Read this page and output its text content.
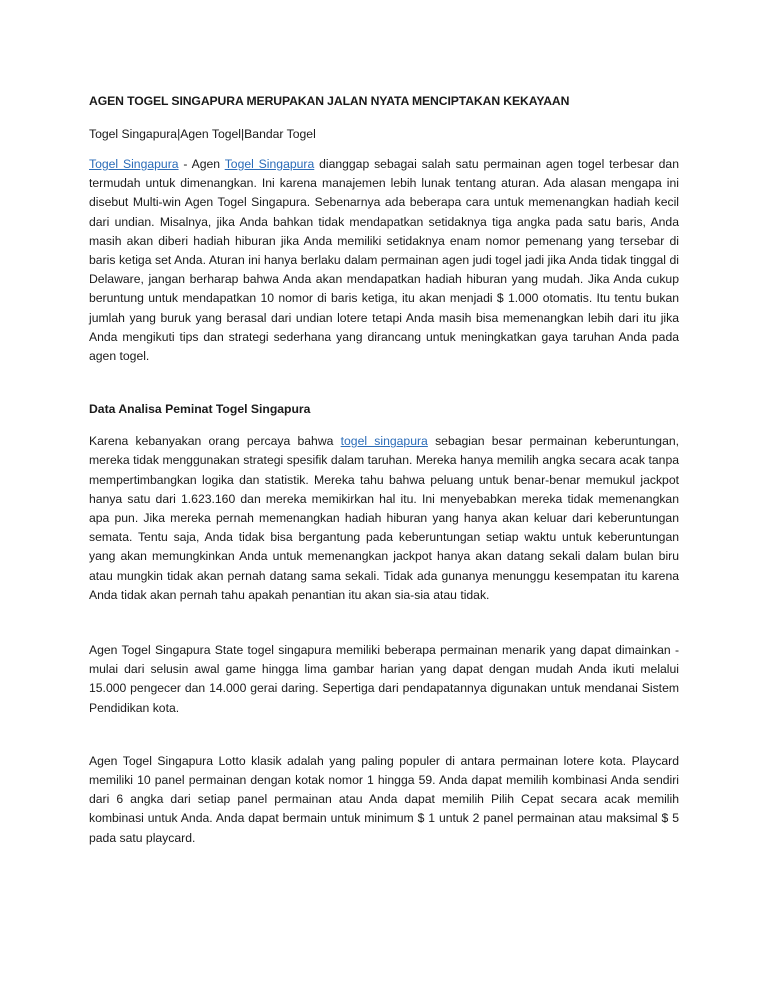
AGEN TOGEL SINGAPURA MERUPAKAN JALAN NYATA MENCIPTAKAN KEKAYAAN

Togel Singapura|Agen Togel|Bandar Togel

Togel Singapura - Agen Togel Singapura dianggap sebagai salah satu permainan agen togel terbesar dan termudah untuk dimenangkan. Ini karena manajemen lebih lunak tentang aturan. Ada alasan mengapa ini disebut Multi-win Agen Togel Singapura. Sebenarnya ada beberapa cara untuk memenangkan hadiah kecil dari undian. Misalnya, jika Anda bahkan tidak mendapatkan setidaknya tiga angka pada satu baris, Anda masih akan diberi hadiah hiburan jika Anda memiliki setidaknya enam nomor pemenang yang tersebar di baris ketiga set Anda. Aturan ini hanya berlaku dalam permainan agen judi togel jadi jika Anda tidak tinggal di Delaware, jangan berharap bahwa Anda akan mendapatkan hadiah hiburan yang mudah. Jika Anda cukup beruntung untuk mendapatkan 10 nomor di baris ketiga, itu akan menjadi $ 1.000 otomatis. Itu tentu bukan jumlah yang buruk yang berasal dari undian lotere tetapi Anda masih bisa memenangkan lebih dari itu jika Anda mengikuti tips dan strategi sederhana yang dirancang untuk meningkatkan gaya taruhan Anda pada agen togel.

Data Analisa Peminat Togel Singapura

Karena kebanyakan orang percaya bahwa togel singapura sebagian besar permainan keberuntungan, mereka tidak menggunakan strategi spesifik dalam taruhan. Mereka hanya memilih angka secara acak tanpa mempertimbangkan logika dan statistik. Mereka tahu bahwa peluang untuk benar-benar memukul jackpot hanya satu dari 1.623.160 dan mereka memikirkan hal itu. Ini menyebabkan mereka tidak memenangkan apa pun. Jika mereka pernah memenangkan hadiah hiburan yang hanya akan keluar dari keberuntungan semata. Tentu saja, Anda tidak bisa bergantung pada keberuntungan setiap waktu untuk keberuntungan yang akan memungkinkan Anda untuk memenangkan jackpot hanya akan datang sekali dalam bulan biru atau mungkin tidak akan pernah datang sama sekali. Tidak ada gunanya menunggu kesempatan itu karena Anda tidak akan pernah tahu apakah penantian itu akan sia-sia atau tidak.

Agen Togel Singapura State togel singapura memiliki beberapa permainan menarik yang dapat dimainkan - mulai dari selusin awal game hingga lima gambar harian yang dapat dengan mudah Anda ikuti melalui 15.000 pengecer dan 14.000 gerai daring. Sepertiga dari pendapatannya digunakan untuk mendanai Sistem Pendidikan kota.

Agen Togel Singapura Lotto klasik adalah yang paling populer di antara permainan lotere kota. Playcard memiliki 10 panel permainan dengan kotak nomor 1 hingga 59. Anda dapat memilih kombinasi Anda sendiri dari 6 angka dari setiap panel permainan atau Anda dapat memilih Pilih Cepat secara acak memilih kombinasi untuk Anda. Anda dapat bermain untuk minimum $ 1 untuk 2 panel permainan atau maksimal $ 5 pada satu playcard.
